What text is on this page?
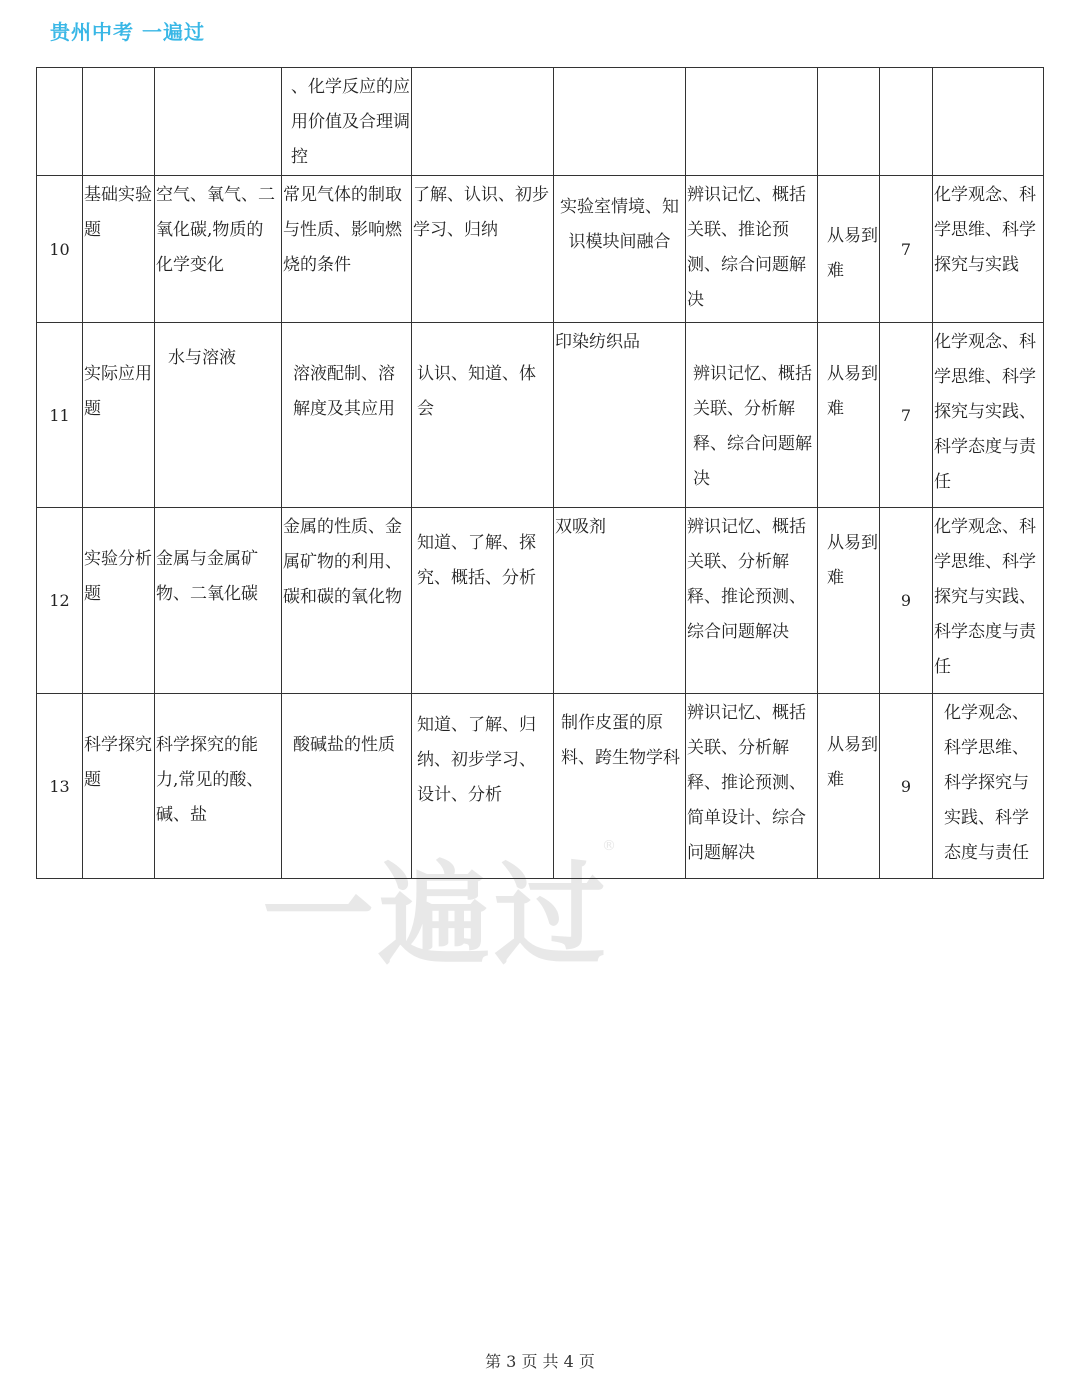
贵州中考 一遍过
一遍过®

			、化学反应的应用价值及合理调控						

10	基础实验题	空气、氧气、二氧化碳,物质的化学变化	常见气体的制取与性质、影响燃烧的条件	了解、认识、初步学习、归纳	实验室情境、知识模块间融合	辨识记忆、概括关联、推论预测、综合问题解决	从易到难	7	化学观念、科学思维、科学探究与实践
11	实际应用题	水与溶液	溶液配制、溶解度及其应用	认识、知道、体会	印染纺织品	辨识记忆、概括关联、分析解释、综合问题解决	从易到难	7	化学观念、科学思维、科学探究与实践、科学态度与责任
12	实验分析题	金属与金属矿物、二氧化碳	金属的性质、金属矿物的利用、碳和碳的氧化物	知道、了解、探究、概括、分析	双吸剂	辨识记忆、概括关联、分析解释、推论预测、综合问题解决	从易到难	9	化学观念、科学思维、科学探究与实践、科学态度与责任
13	科学探究题	科学探究的能力,常见的酸、碱、盐	酸碱盐的性质	知道、了解、归纳、初步学习、设计、分析	制作皮蛋的原料、跨生物学科	辨识记忆、概括关联、分析解释、推论预测、简单设计、综合问题解决	从易到难	9	化学观念、科学思维、科学探究与实践、科学态度与责任
第 3 页 共 4 页
